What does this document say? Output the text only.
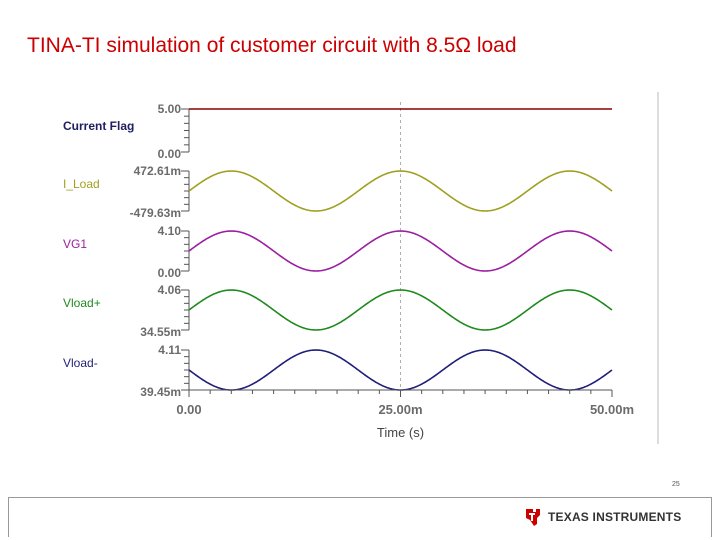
TINA-TI simulation of customer circuit with 8.5Ω load
5.00
0.00
Current Flag
472.61m
-479.63m
I_Load
4.10
0.00
VG1
4.06
34.55m
Vload+
4.11
39.45m
Vload-
0.00	25.00m	50.00m
Time (s)
25
TEXAS INSTRUMENTS
